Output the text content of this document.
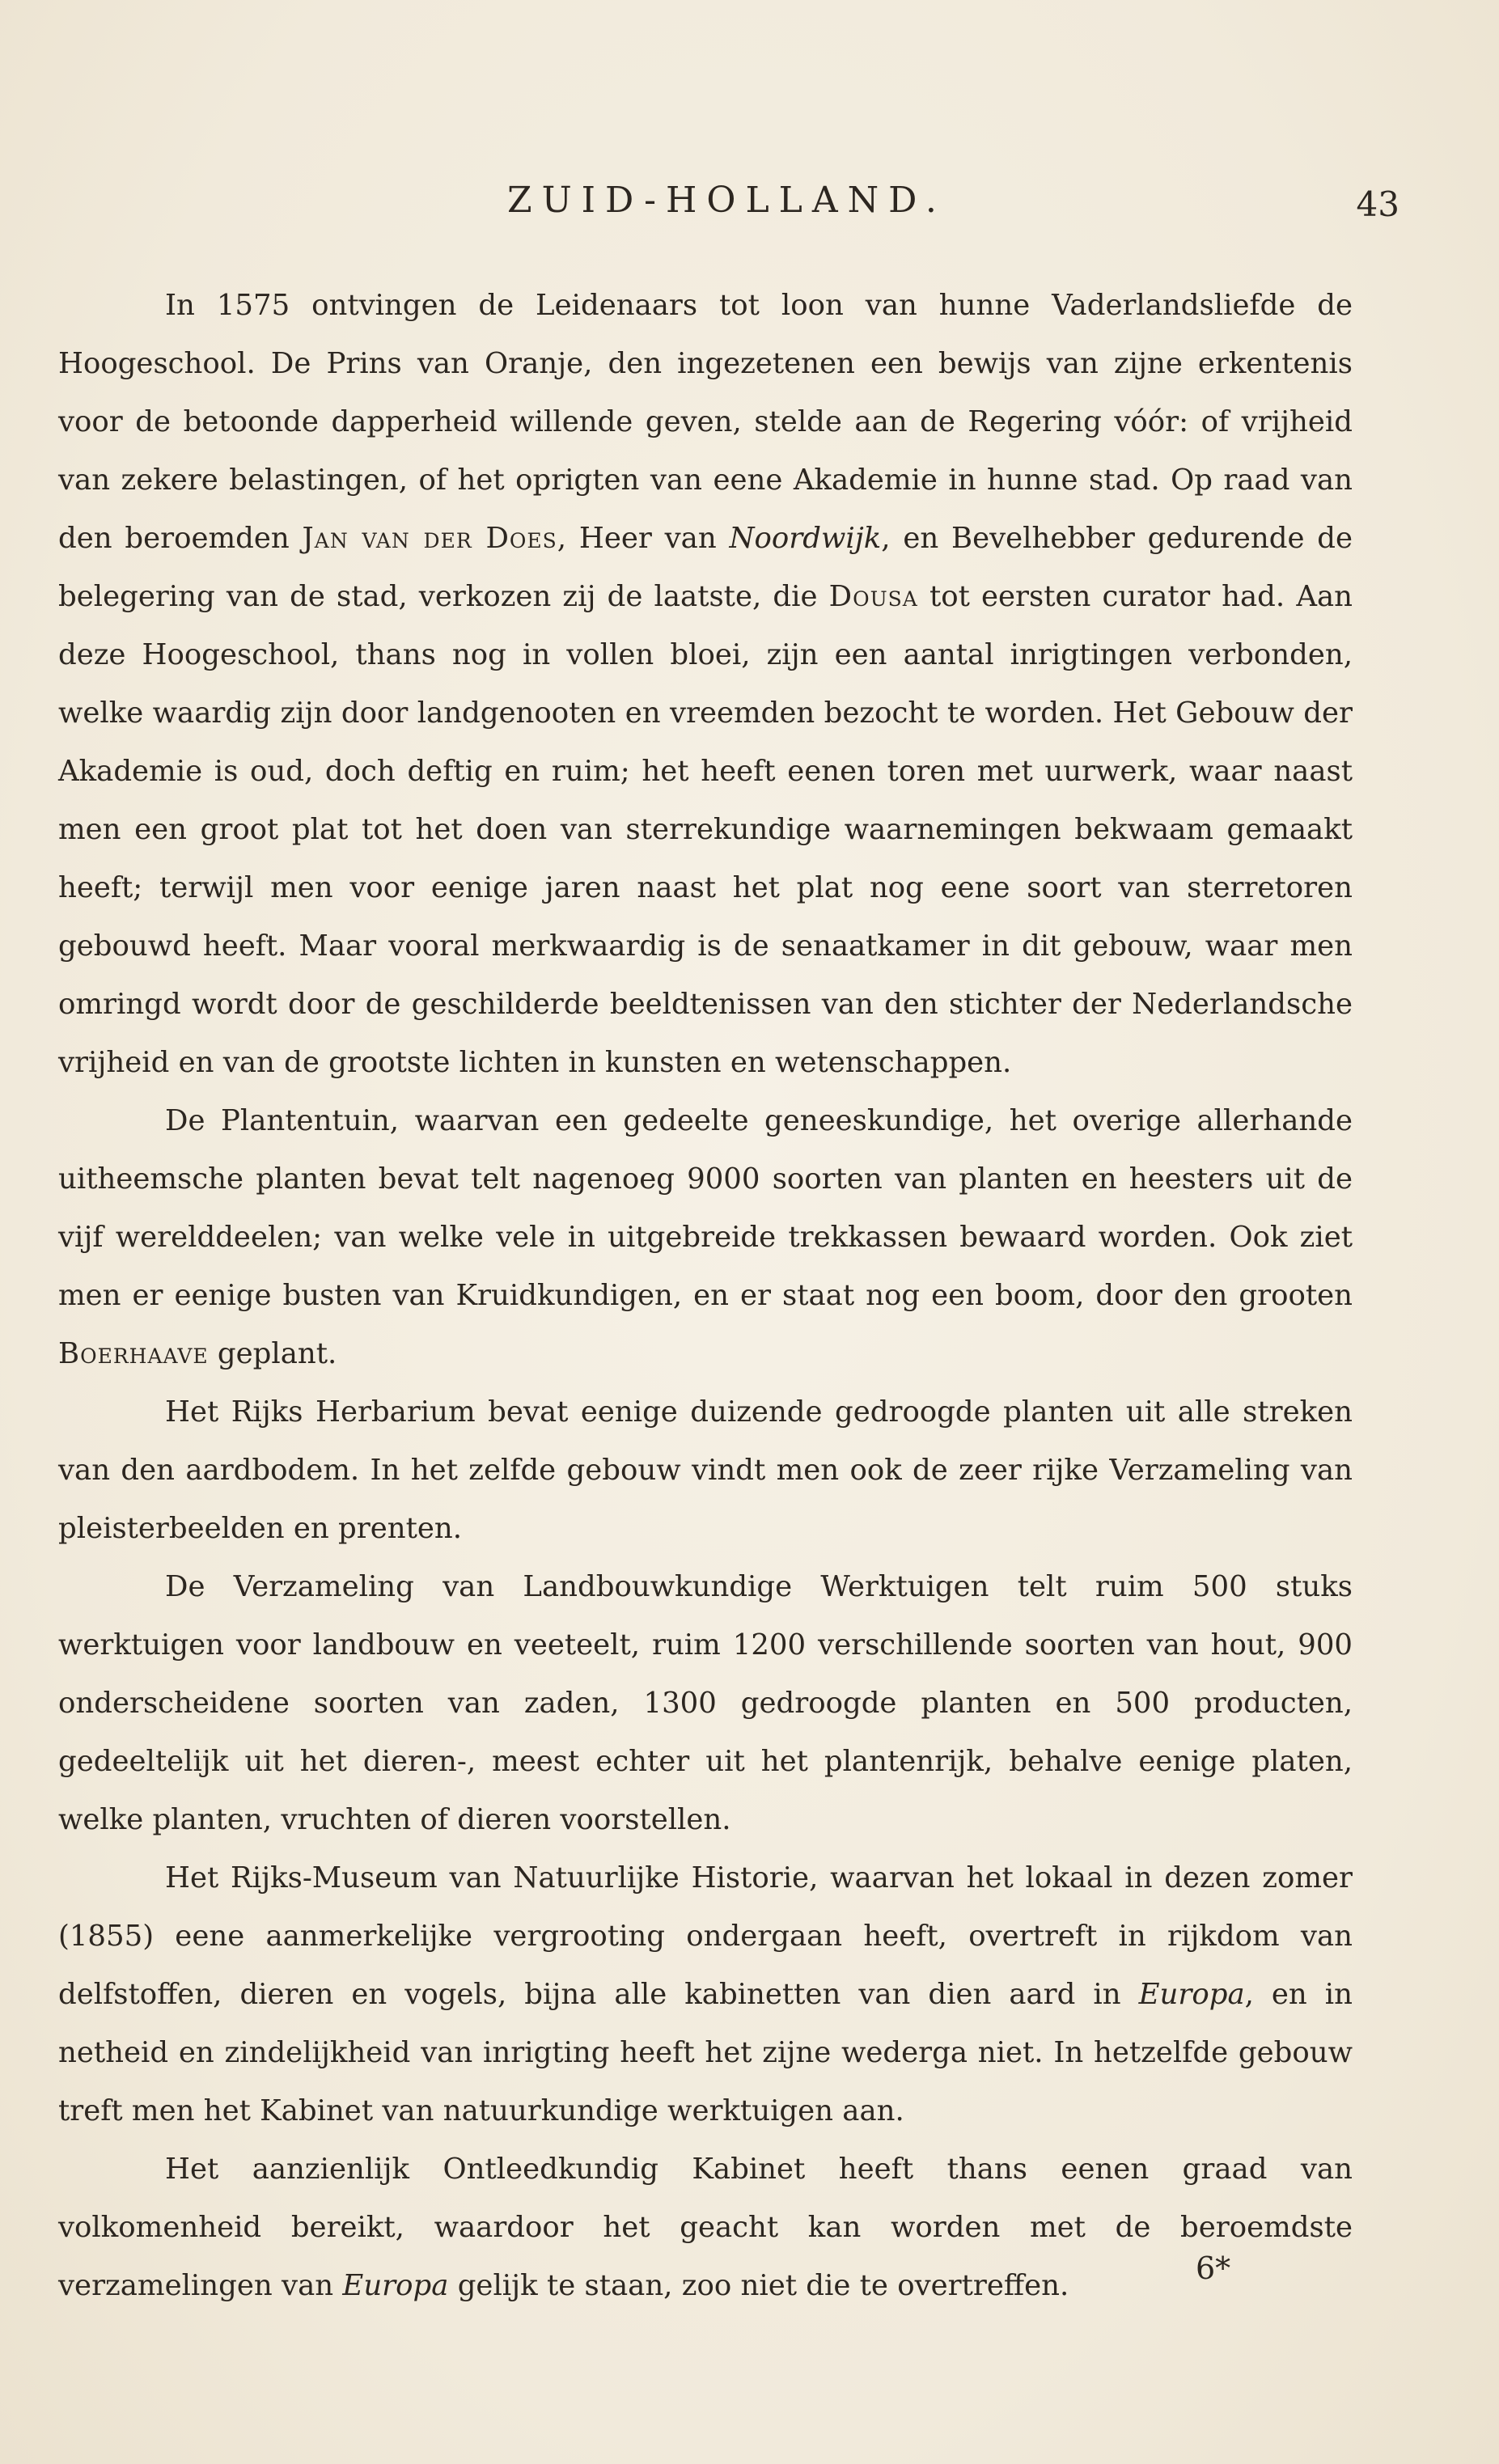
ZUID-HOLLAND.	43

In 1575 ontvingen de Leidenaars tot loon van hunne Vaderlandsliefde de Hoogeschool. De Prins van Oranje, den ingezetenen een bewijs van zijne erkentenis voor de betoonde dapperheid willende geven, stelde aan de Regering vóór: of vrijheid van zekere belastingen, of het oprigten van eene Akademie in hunne stad. Op raad van den beroemden Jan van der Does, Heer van Noordwijk, en Bevelhebber gedurende de belegering van de stad, verkozen zij de laatste, die Dousa tot eersten curator had. Aan deze Hoogeschool, thans nog in vollen bloei, zijn een aantal inrigtingen verbonden, welke waardig zijn door landgenooten en vreemden bezocht te worden. Het Gebouw der Akademie is oud, doch deftig en ruim; het heeft eenen toren met uurwerk, waar naast men een groot plat tot het doen van sterrekundige waarnemingen bekwaam gemaakt heeft; terwijl men voor eenige jaren naast het plat nog eene soort van sterretoren gebouwd heeft. Maar vooral merkwaardig is de senaatkamer in dit gebouw, waar men omringd wordt door de geschilderde beeldtenissen van den stichter der Nederlandsche vrijheid en van de grootste lichten in kunsten en wetenschappen.

De Plantentuin, waarvan een gedeelte geneeskundige, het overige allerhande uitheemsche planten bevat telt nagenoeg 9000 soorten van planten en heesters uit de vijf werelddeelen; van welke vele in uitgebreide trekkassen bewaard worden. Ook ziet men er eenige busten van Kruidkundigen, en er staat nog een boom, door den grooten Boerhaave geplant.

Het Rijks Herbarium bevat eenige duizende gedroogde planten uit alle streken van den aardbodem. In het zelfde gebouw vindt men ook de zeer rijke Verzameling van pleisterbeelden en prenten.

De Verzameling van Landbouwkundige Werktuigen telt ruim 500 stuks werktuigen voor landbouw en veeteelt, ruim 1200 verschillende soorten van hout, 900 onderscheidene soorten van zaden, 1300 gedroogde planten en 500 producten, gedeeltelijk uit het dieren-, meest echter uit het plantenrijk, behalve eenige platen, welke planten, vruchten of dieren voorstellen.

Het Rijks-Museum van Natuurlijke Historie, waarvan het lokaal in dezen zomer (1855) eene aanmerkelijke vergrooting ondergaan heeft, overtreft in rijkdom van delfstoffen, dieren en vogels, bijna alle kabinetten van dien aard in Europa, en in netheid en zindelijkheid van inrigting heeft het zijne wederga niet. In hetzelfde gebouw treft men het Kabinet van natuurkundige werktuigen aan.

Het aanzienlijk Ontleedkundig Kabinet heeft thans eenen graad van volkomenheid bereikt, waardoor het geacht kan worden met de beroemdste verzamelingen van Europa gelijk te staan, zoo niet die te overtreffen.	6*
